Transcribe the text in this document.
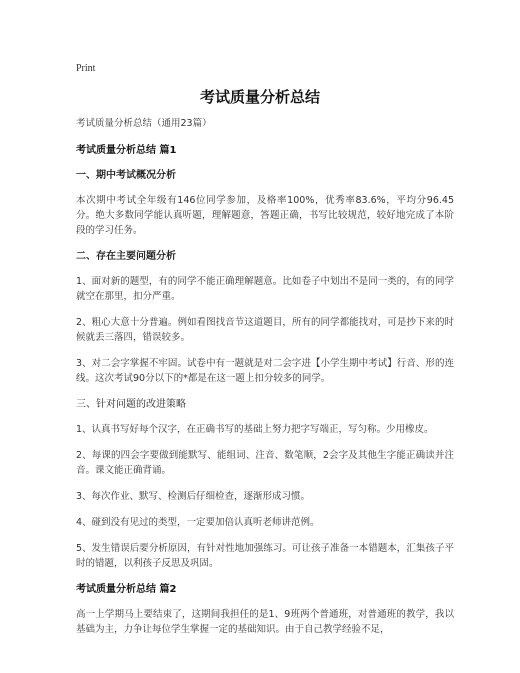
Print
考试质量分析总结

考试质量分析总结（通用23篇）

考试质量分析总结 篇1

一、期中考试概况分析

本次期中考试全年级有146位同学参加，及格率100%，优秀率83.6%，平均分96.45分。绝大多数同学能认真听题，理解题意，答题正确，书写比较规范，较好地完成了本阶段的学习任务。

二、存在主要问题分析

1、面对新的题型，有的同学不能正确理解题意。比如卷子中划出不是同一类的，有的同学就空在那里，扣分严重。

2、粗心大意十分普遍。例如看图找音节这道题目，所有的同学都能找对，可是抄下来的时候就丢三落四，错误较多。

3、对二会字掌握不牢固。试卷中有一题就是对二会字进【小学生期中考试】行音、形的连线。这次考试90分以下的*都是在这一题上扣分较多的同学。

三、针对问题的改进策略

1、认真书写好每个汉字，在正确书写的基础上努力把字写端正，写匀称。少用橡皮。

2、每课的四会字要做到能默写、能组词、注音、数笔顺，2会字及其他生字能正确读并注音。课文能正确背诵。

3、每次作业、默写、检测后仔细检查，逐渐形成习惯。

4、碰到没有见过的类型，一定要加倍认真听老师讲范例。

5、发生错误后要分析原因，有针对性地加强练习。可让孩子准备一本错题本，汇集孩子平时的错题，以利孩子反思及巩固。

考试质量分析总结 篇2

高一上学期马上要结束了，这期间我担任的是1、9班两个普通班，对普通班的教学，我以基础为主，力争让每位学生掌握一定的基础知识。由于自己教学经验不足，
